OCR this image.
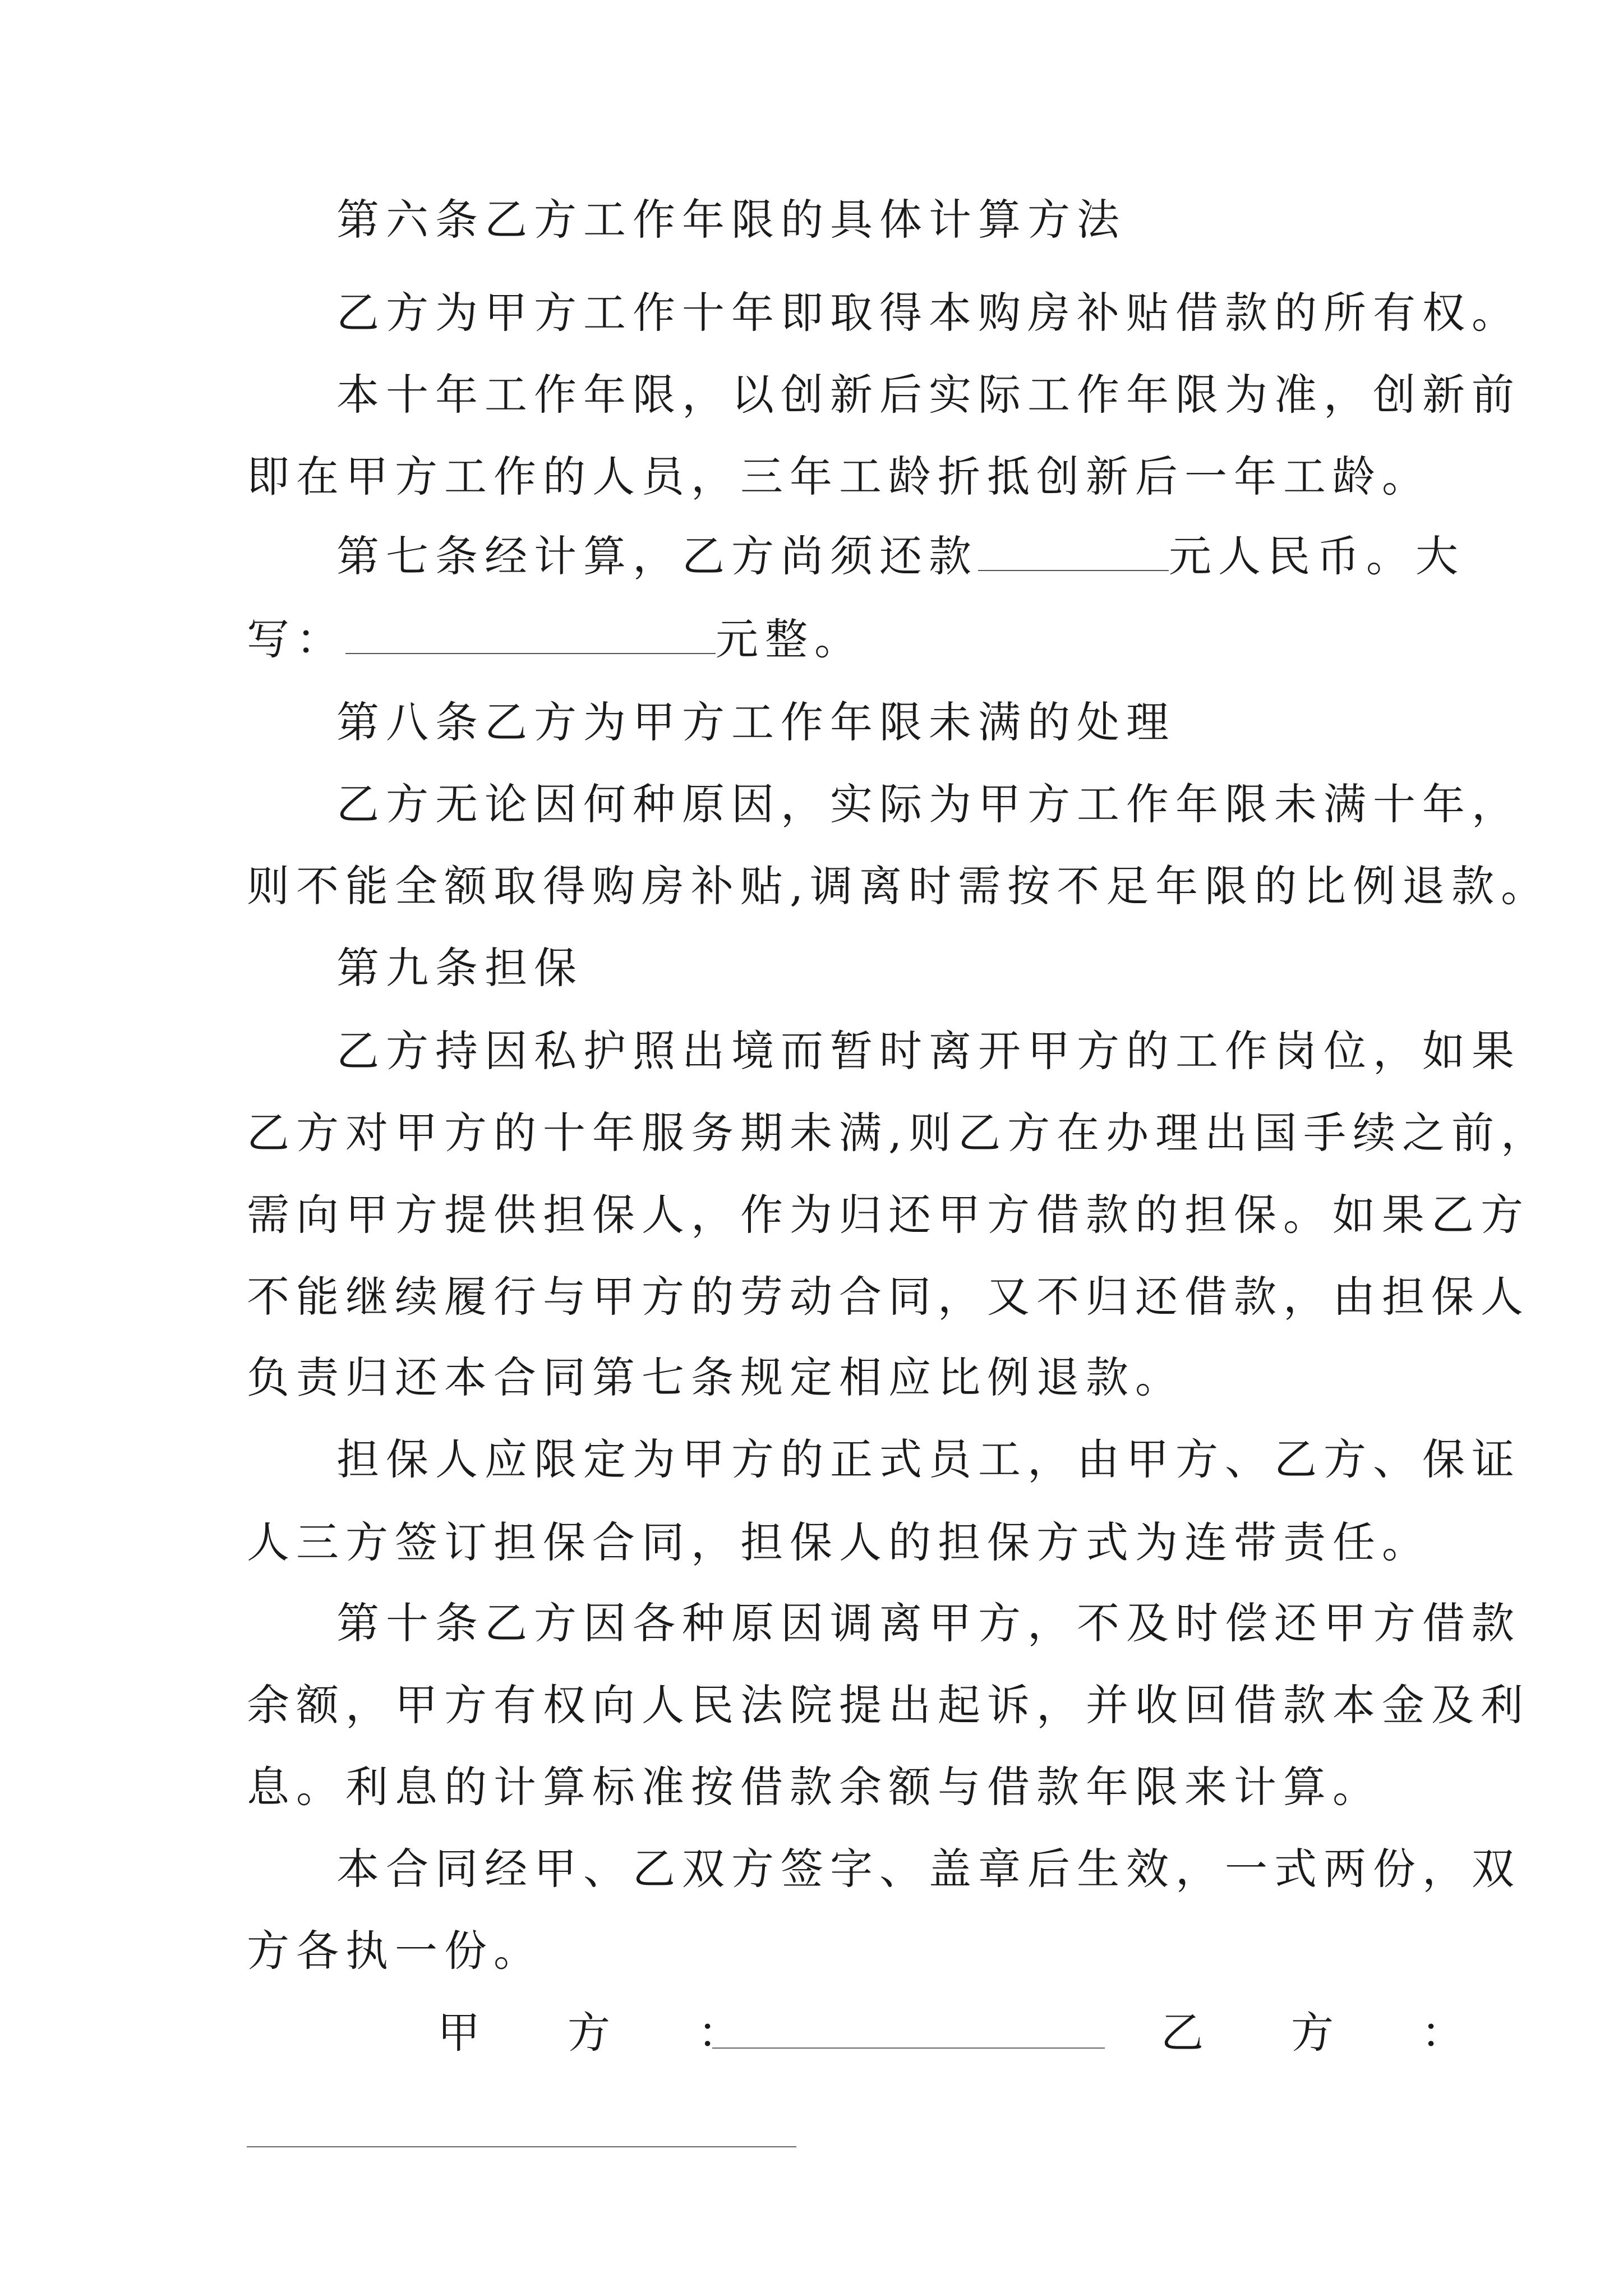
第六条乙方工作年限的具体计算方法
乙方为甲方工作十年即取得本购房补贴借款的所有权。
本十年工作年限，以创新后实际工作年限为准，创新前
即在甲方工作的人员，三年工龄折抵创新后一年工龄。
第七条经计算，乙方尚须还款	元人民币。大
写：	元整。
第八条乙方为甲方工作年限未满的处理
乙方无论因何种原因，实际为甲方工作年限未满十年，
则不能全额取得购房补贴,调离时需按不足年限的比例退款。
第九条担保
乙方持因私护照出境而暂时离开甲方的工作岗位，如果
乙方对甲方的十年服务期未满,则乙方在办理出国手续之前，
需向甲方提供担保人，作为归还甲方借款的担保。如果乙方
不能继续履行与甲方的劳动合同，又不归还借款，由担保人
负责归还本合同第七条规定相应比例退款。
担保人应限定为甲方的正式员工，由甲方、乙方、保证
人三方签订担保合同，担保人的担保方式为连带责任。
第十条乙方因各种原因调离甲方，不及时偿还甲方借款
余额，甲方有权向人民法院提出起诉，并收回借款本金及利
息。利息的计算标准按借款余额与借款年限来计算。
本合同经甲、乙双方签字、盖章后生效，一式两份，双
方各执一份。
甲　方　：	乙　方　：
